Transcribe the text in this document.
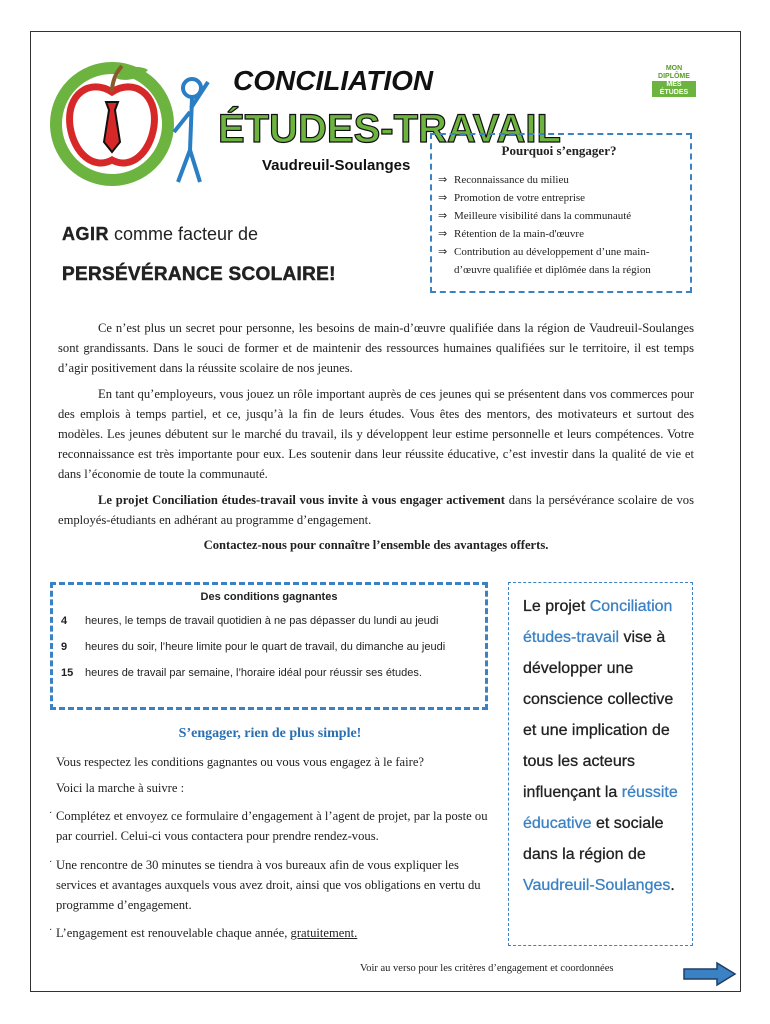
CONCILIATION
ÉTUDES-TRAVAIL
Vaudreuil-Soulanges
MON DIPLÔME
MES ÉTUDES
Pourquoi s’engager?
⇒ Reconnaissance du milieu
⇒ Promotion de votre entreprise
⇒ Meilleure visibilité dans la communauté
⇒ Rétention de la main-d'œuvre
⇒ Contribution au développement d’une main-d’œuvre qualifiée et diplômée dans la région
AGIR comme facteur de
PERSÉVÉRANCE SCOLAIRE!

Ce n’est plus un secret pour personne, les besoins de main-d’œuvre qualifiée dans la région de Vaudreuil-Soulanges sont grandissants. Dans le souci de former et de maintenir des ressources humaines qualifiées sur le territoire, il est temps d’agir positivement dans la réussite scolaire de nos jeunes.

En tant qu’employeurs, vous jouez un rôle important auprès de ces jeunes qui se présentent dans vos commerces pour des emplois à temps partiel, et ce, jusqu’à la fin de leurs études. Vous êtes des mentors, des motivateurs et surtout des modèles. Les jeunes débutent sur le marché du travail, ils y développent leur estime personnelle et leurs compétences. Votre reconnaissance est très importante pour eux. Les soutenir dans leur réussite éducative, c’est investir dans la qualité de vie et dans l’économie de toute la communauté.

Le projet Conciliation études-travail vous invite à vous engager activement dans la persévérance scolaire de vos employés-étudiants en adhérant au programme d’engagement.

Contactez-nous pour connaître l’ensemble des avantages offerts.
Des conditions gagnantes
4 heures, le temps de travail quotidien à ne pas dépasser du lundi au jeudi
9 heures du soir, l’heure limite pour le quart de travail, du dimanche au jeudi
15 heures de travail par semaine, l’horaire idéal pour réussir ses études.
S’engager, rien de plus simple!
Vous respectez les conditions gagnantes ou vous vous engagez à le faire?
Voici la marche à suivre :
· Complétez et envoyez ce formulaire d’engagement à l’agent de projet, par la poste ou par courriel. Celui-ci vous contactera pour prendre rendez-vous.
· Une rencontre de 30 minutes se tiendra à vos bureaux afin de vous expliquer les services et avantages auxquels vous avez droit, ainsi que vos obligations en vertu du programme d’engagement.
· L’engagement est renouvelable chaque année, gratuitement.
Le projet Conciliation études-travail vise à développer une conscience collective et une implication de tous les acteurs influençant la réussite éducative et sociale dans la région de Vaudreuil-Soulanges.
Voir au verso pour les critères d’engagement et coordonnées
